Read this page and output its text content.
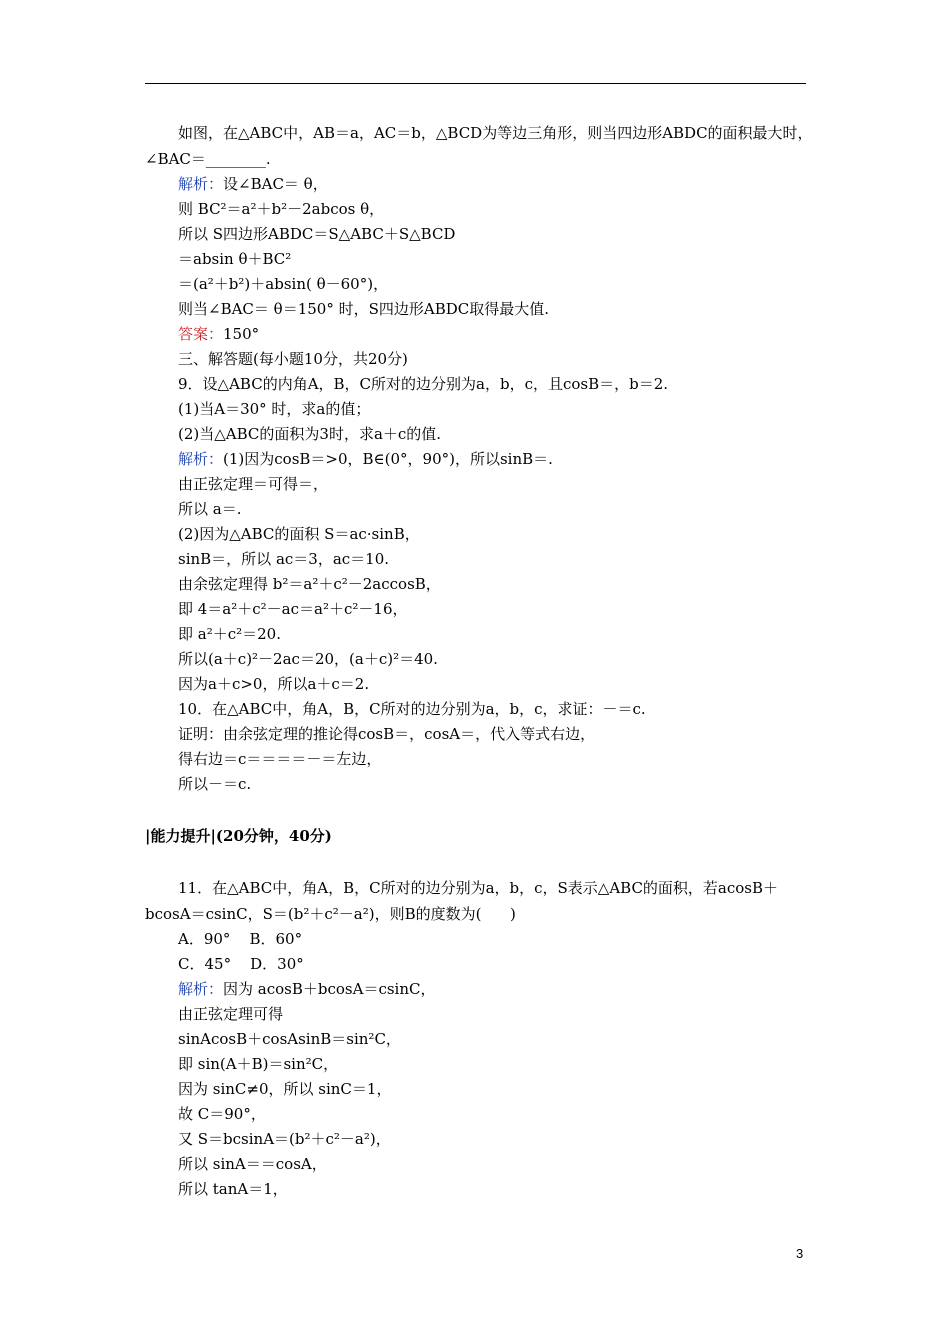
如图，在△ABC中，AB＝a，AC＝b，△BCD为等边三角形，则当四边形ABDC的面积最大时，
∠BAC＝________.
解析：设∠BAC＝ θ，
则 BC²＝a²＋b²－2abcos θ，
所以 S四边形ABDC＝S△ABC＋S△BCD
＝absin θ＋BC²
＝(a²＋b²)＋absin( θ－60°)，
则当∠BAC＝ θ＝150° 时，S四边形ABDC取得最大值.
答案：150°
三、解答题(每小题10分，共20分)
9．设△ABC的内角A，B，C所对的边分别为a，b，c，且cosB＝，b＝2.
(1)当A＝30° 时，求a的值；
(2)当△ABC的面积为3时，求a＋c的值.
解析：(1)因为cosB＝>0，B∈(0°，90°)，所以sinB＝.
由正弦定理＝可得＝，
所以 a＝.
(2)因为△ABC的面积 S＝ac·sinB，
sinB＝，所以 ac＝3，ac＝10.
由余弦定理得 b²＝a²＋c²－2accosB，
即 4＝a²＋c²－ac＝a²＋c²－16，
即 a²＋c²＝20.
所以(a＋c)²－2ac＝20，(a＋c)²＝40.
因为a＋c>0，所以a＋c＝2.
10．在△ABC中，角A，B，C所对的边分别为a，b，c，求证：－＝c.
证明：由余弦定理的推论得cosB＝，cosA＝，代入等式右边，
得右边＝c＝＝＝＝－＝左边，
所以－＝c.
|能力提升|(20分钟，40分)
11．在△ABC中，角A，B，C所对的边分别为a，b，c，S表示△ABC的面积，若acosB＋
bcosA＝csinC，S＝(b²＋c²－a²)，则B的度数为(      )
A．90°    B．60°
C．45°    D．30°
解析：因为 acosB＋bcosA＝csinC，
由正弦定理可得
sinAcosB＋cosAsinB＝sin²C，
即 sin(A＋B)＝sin²C，
因为 sinC≠0，所以 sinC＝1，
故 C＝90°，
又 S＝bcsinA＝(b²＋c²－a²)，
所以 sinA＝＝cosA，
所以 tanA＝1，
3
